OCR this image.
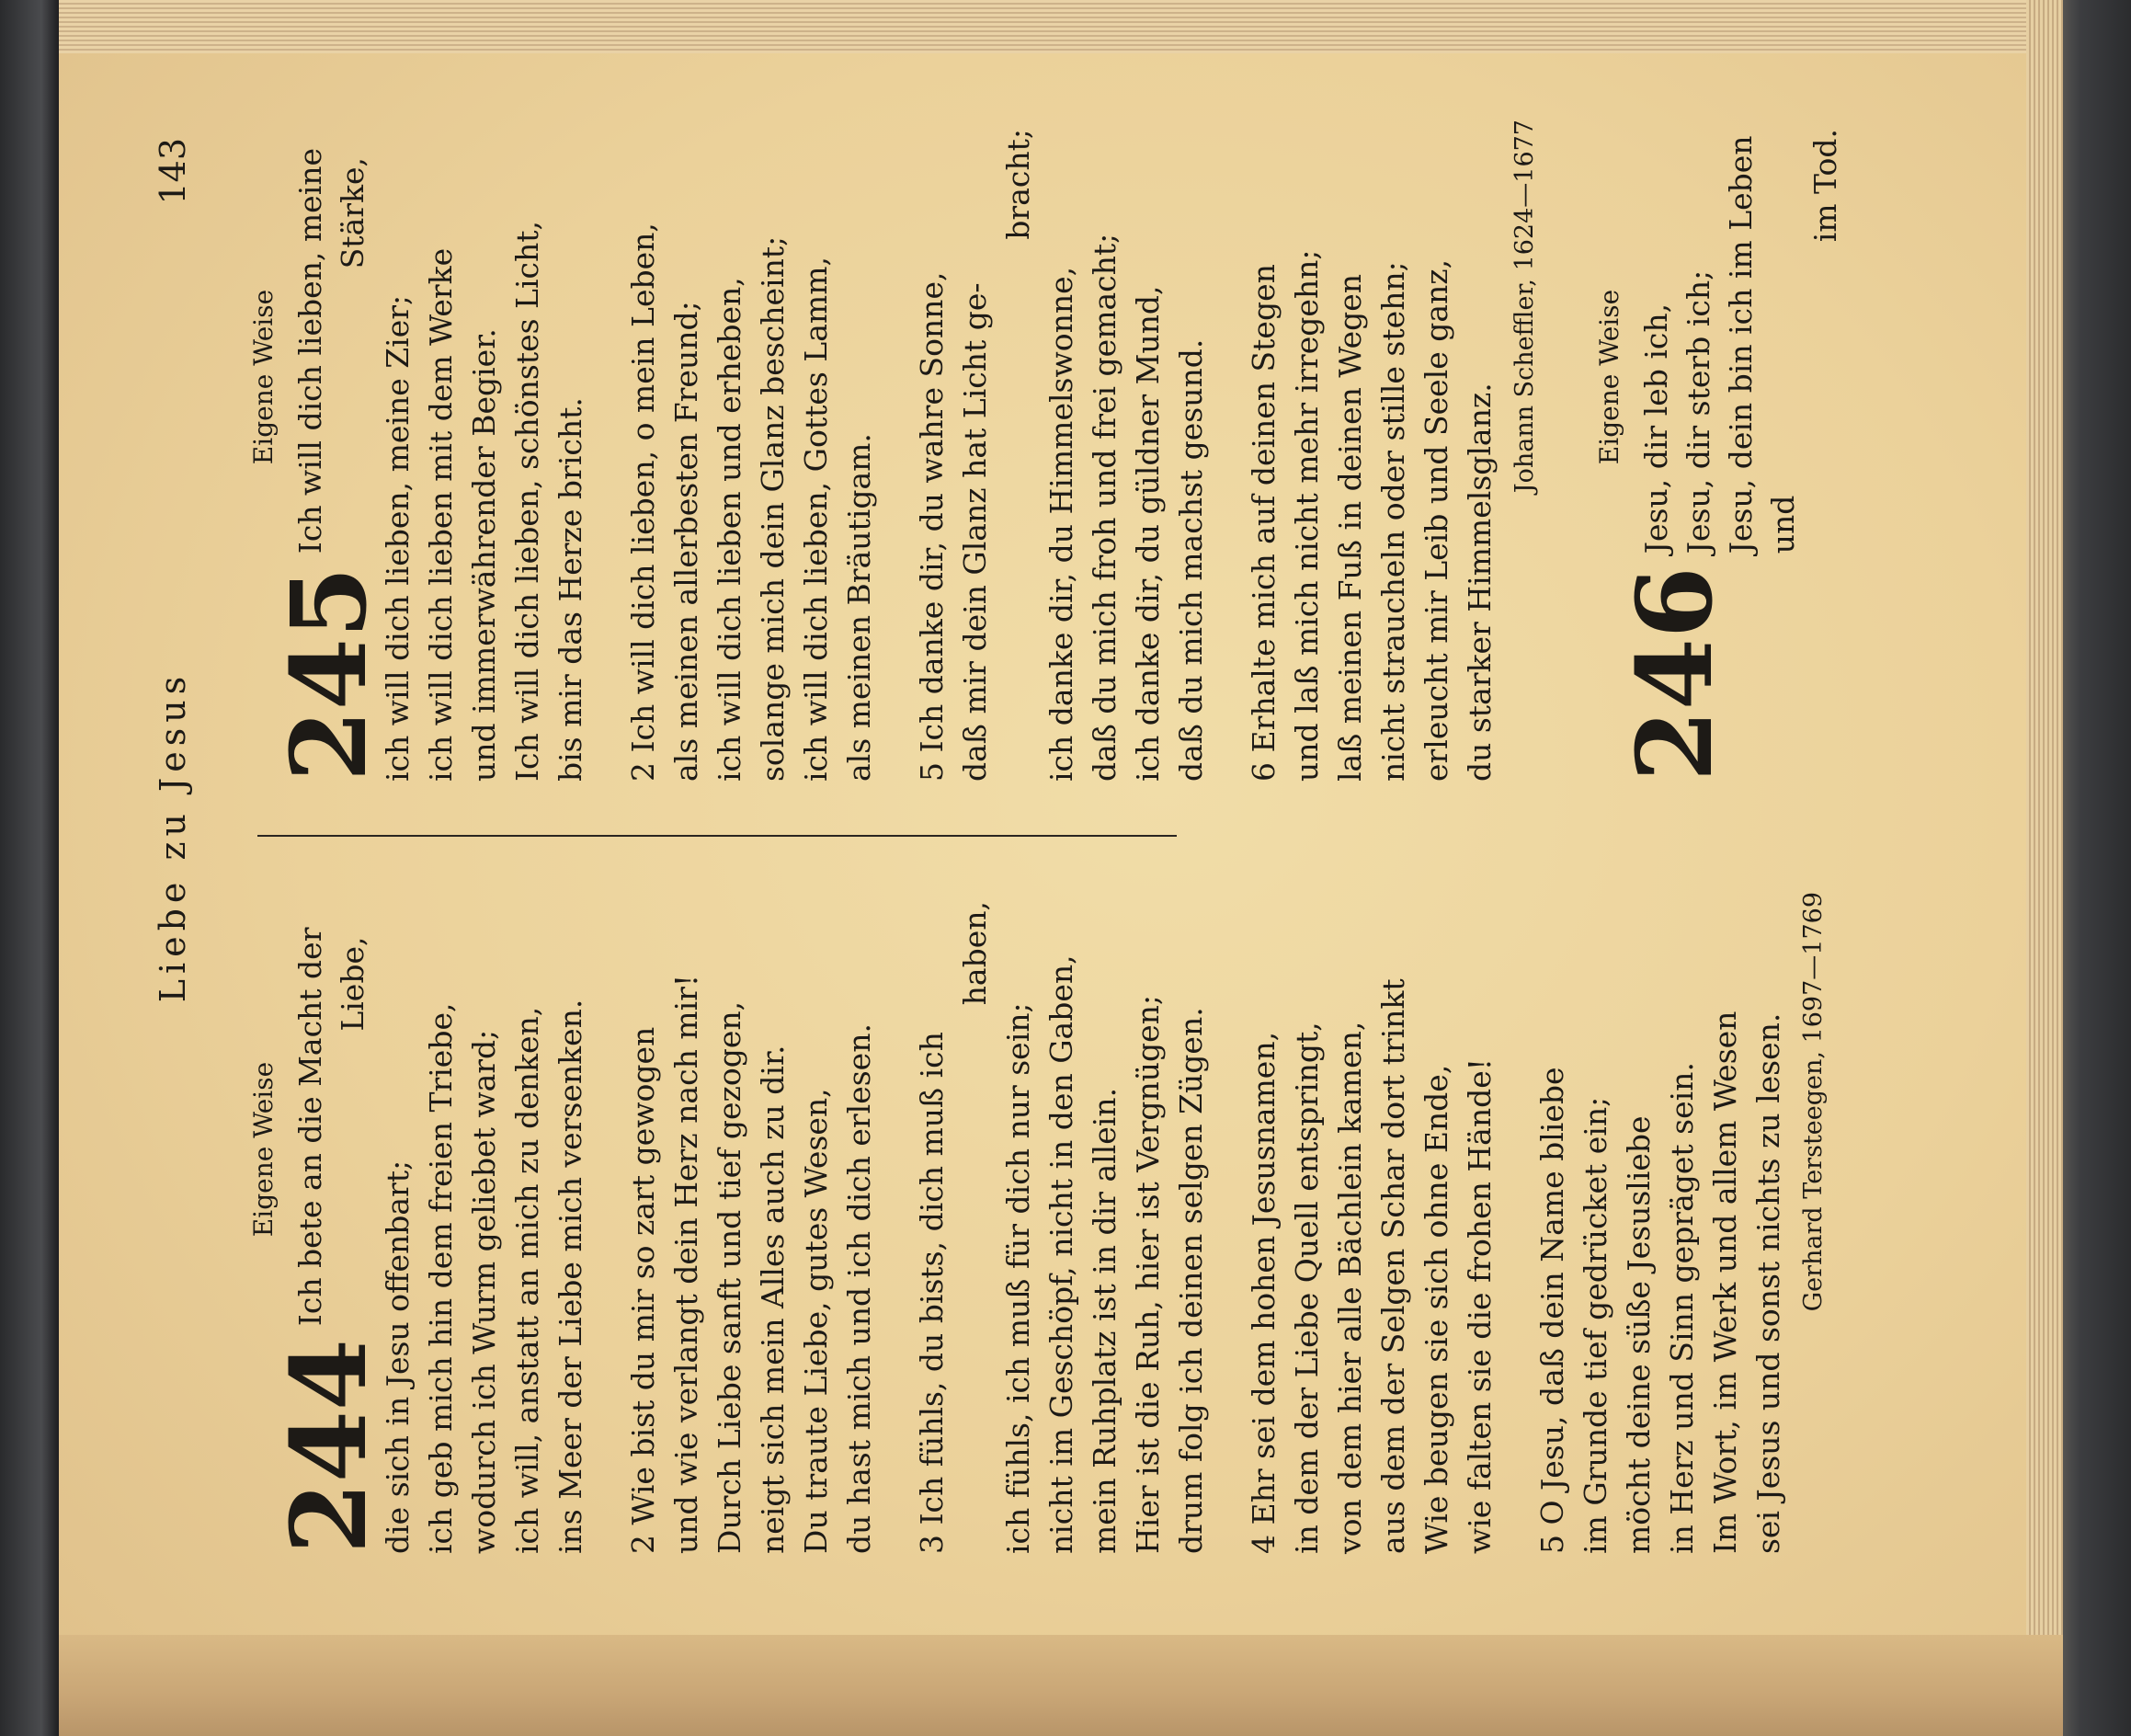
Liebe zu Jesus
143
Eigene Weise
244
Ich bete an die Macht der Liebe,
die sich in Jesu offenbart; ich geb mich hin dem freien Triebe, wodurch ich Wurm geliebet ward; ich will, anstatt an mich zu denken, ins Meer der Liebe mich versenken. 2 Wie bist du mir so zart gewogen und wie verlangt dein Herz nach mir! Durch Liebe sanft und tief gezogen, neigt sich mein Alles auch zu dir. Du traute Liebe, gutes Wesen, du hast mich und ich dich erlesen. 3 Ich fühls, du bists, dich muß ich
haben,
ich fühls, ich muß für dich nur sein; nicht im Geschöpf, nicht in den Gaben, mein Ruhplatz ist in dir allein. Hier ist die Ruh, hier ist Vergnügen; drum folg ich deinen selgen Zügen. 4 Ehr sei dem hohen Jesusnamen, in dem der Liebe Quell entspringt, von dem hier alle Bächlein kamen, aus dem der Selgen Schar dort trinkt Wie beugen sie sich ohne Ende, wie falten sie die frohen Hände! 5 O Jesu, daß dein Name bliebe im Grunde tief gedrücket ein; möcht deine süße Jesusliebe in Herz und Sinn gepräget sein. Im Wort, im Werk und allem Wesen sei Jesus und sonst nichts zu lesen. Gerhard Tersteegen, 1697—1769
Eigene Weise
245
Ich will dich lieben, meine Stärke,
ich will dich lieben, meine Zier; ich will dich lieben mit dem Werke und immerwährender Begier. Ich will dich lieben, schönstes Licht, bis mir das Herze bricht. 2 Ich will dich lieben, o mein Leben, als meinen allerbesten Freund; ich will dich lieben und erheben, solange mich dein Glanz bescheint; ich will dich lieben, Gottes Lamm, als meinen Bräutigam. 5 Ich danke dir, du wahre Sonne, daß mir dein Glanz hat Licht ge-
bracht;
ich danke dir, du Himmelswonne, daß du mich froh und frei gemacht; ich danke dir, du güldner Mund, daß du mich machst gesund. 6 Erhalte mich auf deinen Stegen und laß mich nicht mehr irregehn; laß meinen Fuß in deinen Wegen nicht straucheln oder stille stehn; erleucht mir Leib und Seele ganz, du starker Himmelsglanz.
Johann Scheffler, 1624—1677 Eigene Weise
246
Jesu, dir leb ich, Jesu, dir sterb ich; Jesu, dein bin ich im Leben und
im Tod.
